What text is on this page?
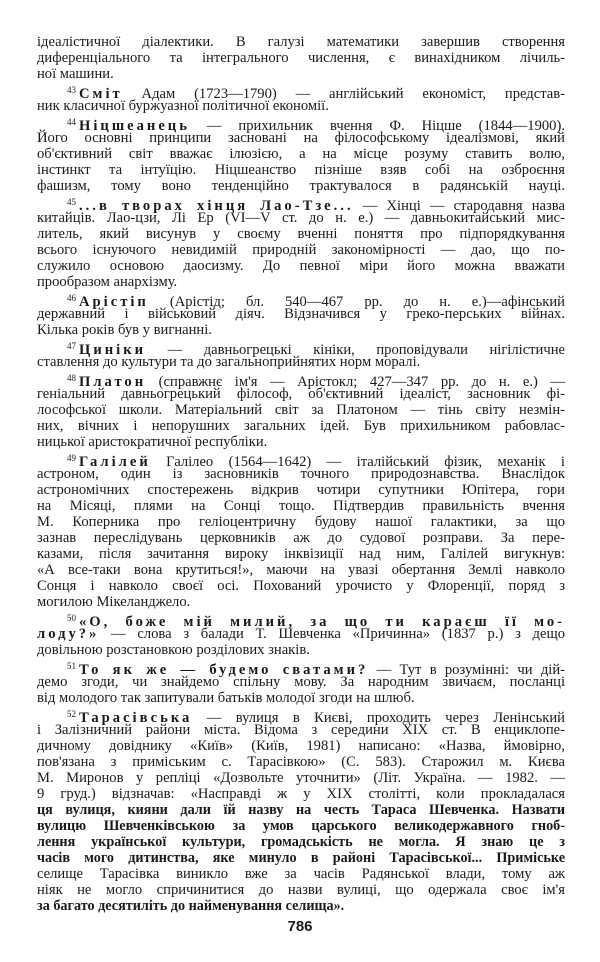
ідеалістичної діалектики. В галузі математики завершив створення
диференціального та інтегрального числення, є винахідником лічиль-
ної машини.
$^{43}$ Сміт Адам (1723—1790) — англійський економіст, представ-
ник класичної буржуазної політичної економії.
$^{44}$ Ніцшеанець — прихильник вчення Ф. Ніцше (1844—1900).
Його основні принципи засновані на філософському ідеалізмові, який
об'єктивний світ вважає ілюзією, а на місце розуму ставить волю,
інстинкт та інтуїцію. Ніцшеанство пізніше взяв собі на озброєння
фашизм, тому воно тенденційно трактувалося в радянській науці.
$^{45}$ ...в творах хінця Лао-Тзе... — Хінці — стародавня назва
китайців. Лао-цзи, Лі Ер (VI—V ст. до н. е.) — давньокитайський мис-
литель, який висунув у своєму вченні поняття про підпорядкування
всього існуючого невидимій природній закономірності — дао, що по-
служило основою даосизму. До певної міри його можна вважати
прообразом анархізму.
$^{46}$ Арістіп (Арістід; бл. 540—467 рр. до н. е.)—афінський
державний і військовий діяч. Відзначився у греко-перських війнах.
Кілька років був у вигнанні.
$^{47}$ Циніки — давньогрецькі кініки, проповідували нігілістичне
ставлення до культури та до загальноприйнятих норм моралі.
$^{48}$ Платон (справжнє ім'я — Арістокл; 427—347 рр. до н. е.) —
геніальний давньогрецький філософ, об'єктивний ідеаліст, засновник фі-
лософської школи. Матеріальний світ за Платоном — тінь світу незмін-
них, вічних і непорушних загальних ідей. Був прихильником рабовлас-
ницької аристократичної республіки.
$^{49}$ Галілей Галілео (1564—1642) — італійський фізик, механік і
астроном, один із засновників точного природознавства. Внаслідок
астрономічних спостережень відкрив чотири супутники Юпітера, гори
на Місяці, плями на Сонці тощо. Підтвердив правильність вчення
М. Коперника про геліоцентричну будову нашої галактики, за що
зазнав переслідувань церковників аж до судової розправи. За пере-
казами, після зачитання вироку інквізиції над ним, Галілей вигукнув:
«А все-таки вона крутиться!», маючи на увазі обертання Землі навколо
Сонця і навколо своєї осі. Похований урочисто у Флоренції, поряд з
могилою Мікеланджело.
$^{50}$ «О, боже мій милий, за що ти караєш її мо-
лоду?» — слова з балади Т. Шевченка «Причинна» (1837 р.) з дещо
довільною розстановкою розділових знаків.
$^{51}$ То як же — будемо сватами? — Тут в розумінні: чи дій-
демо згоди, чи знайдемо спільну мову. За народним звичаєм, посланці
від молодого так запитували батьків молодої згоди на шлюб.
$^{52}$ Тарасівська — вулиця в Києві, проходить через Ленінський
і Залізничний райони міста. Відома з середини XIX ст. В енциклопе-
дичному довіднику «Київ» (Київ, 1981) написано: «Назва, ймовірно,
пов'язана з приміським с. Тарасівкою» (С. 583). Старожил м. Києва
М. Миронов у репліці «Дозвольте уточнити» (Літ. Україна. — 1982. —
9 груд.) відзначав: «Насправді ж у XIX столітті, коли прокладалася
ця вулиця, кияни дали їй назву на честь Тараса Шевченка. Назвати
вулицю Шевченківською за умов царського великодержавного гноб-
лення української культури, громадськість не могла. Я знаю це з
часів мого дитинства, яке минуло в районі Тарасівської... Приміське
селище Тарасівка виникло вже за часів Радянської влади, тому аж
ніяк не могло спричинитися до назви вулиці, що одержала своє ім'я
за багато десятиліть до найменування селища».
786
